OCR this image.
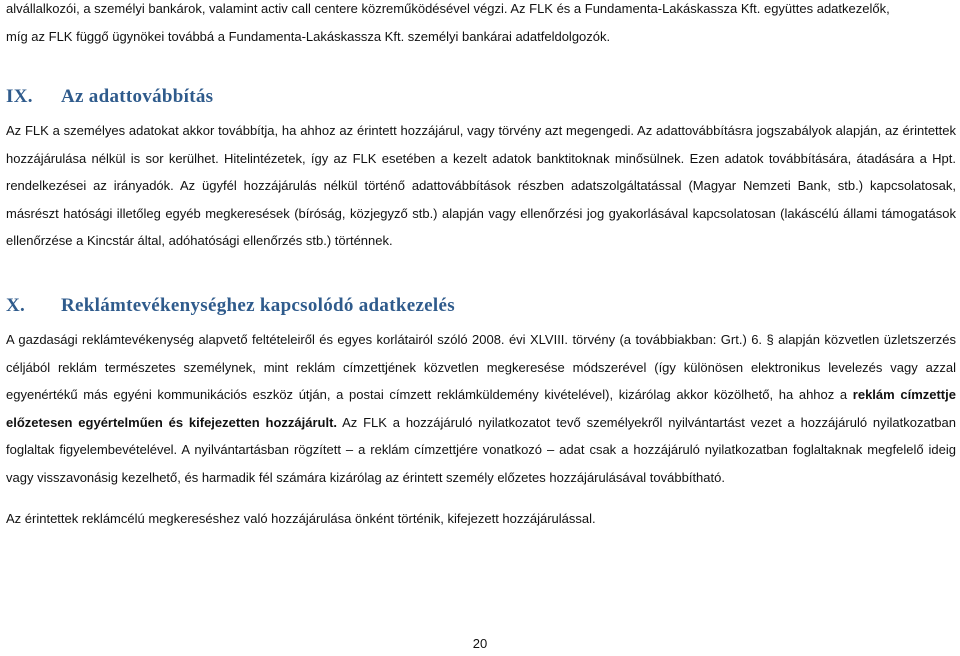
alvállalkozói, a személyi bankárok, valamint activ call centere közreműködésével végzi. Az FLK és a Fundamenta-Lakáskassza Kft. együttes adatkezelők,

míg az FLK függő ügynökei továbbá a Fundamenta-Lakáskassza Kft. személyi bankárai adatfeldolgozók.

IX. Az adattovábbítás

Az FLK a személyes adatokat akkor továbbítja, ha ahhoz az érintett hozzájárul, vagy törvény azt megengedi. Az adattovábbításra jogszabályok alapján, az érintettek hozzájárulása nélkül is sor kerülhet. Hitelintézetek, így az FLK esetében a kezelt adatok banktitoknak minősülnek. Ezen adatok továbbítására, átadására a Hpt. rendelkezései az irányadók. Az ügyfél hozzájárulás nélkül történő adattovábbítások részben adatszolgáltatással (Magyar Nemzeti Bank, stb.) kapcsolatosak, másrészt hatósági illetőleg egyéb megkeresések (bíróság, közjegyző stb.) alapján vagy ellenőrzési jog gyakorlásával kapcsolatosan (lakáscélú állami támogatások ellenőrzése a Kincstár által, adóhatósági ellenőrzés stb.) történnek.

X. Reklámtevékenységhez kapcsolódó adatkezelés

A gazdasági reklámtevékenység alapvető feltételeiről és egyes korlátairól szóló 2008. évi XLVIII. törvény (a továbbiakban: Grt.) 6. § alapján közvetlen üzletszerzés céljából reklám természetes személynek, mint reklám címzettjének közvetlen megkeresése módszerével (így különösen elektronikus levelezés vagy azzal egyenértékű más egyéni kommunikációs eszköz útján, a postai címzett reklámküldemény kivételével), kizárólag akkor közölhető, ha ahhoz a reklám címzettje előzetesen egyértelműen és kifejezetten hozzájárult. Az FLK a hozzájáruló nyilatkozatot tevő személyekről nyilvántartást vezet a hozzájáruló nyilatkozatban foglaltak figyelembevételével. A nyilvántartásban rögzített – a reklám címzettjére vonatkozó – adat csak a hozzájáruló nyilatkozatban foglaltaknak megfelelő ideig vagy visszavonásig kezelhető, és harmadik fél számára kizárólag az érintett személy előzetes hozzájárulásával továbbítható.

Az érintettek reklámcélú megkereséshez való hozzájárulása önként történik, kifejezett hozzájárulással.

20
